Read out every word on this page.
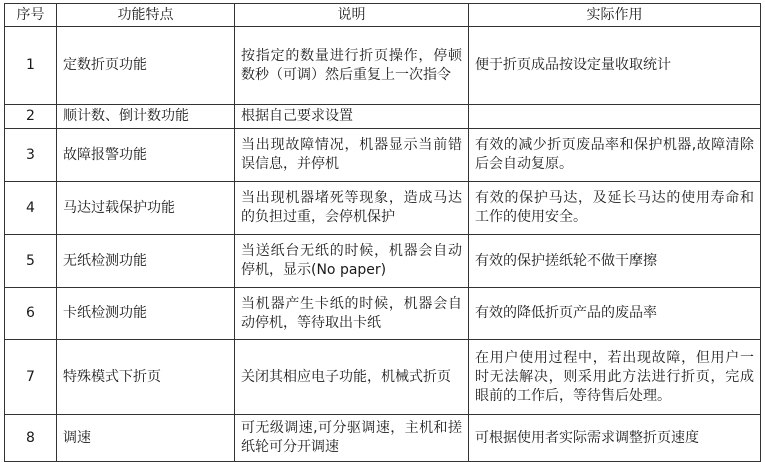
序号	功能特点	说明	实际作用
1	定数折页功能	按指定的数量进行折页操作，停顿数秒（可调）然后重复上一次指令	便于折页成品按设定量收取统计
2	顺计数、倒计数功能	根据自己要求设置	
3	故障报警功能	当出现故障情况，机器显示当前错误信息，并停机	有效的减少折页废品率和保护机器,故障清除后会自动复原。
4	马达过载保护功能	当出现机器堵死等现象，造成马达的负担过重，会停机保护	有效的保护马达，及延长马达的使用寿命和工作的使用安全。
5	无纸检测功能	当送纸台无纸的时候，机器会自动停机，显示(No paper)	有效的保护搓纸轮不做干摩擦
6	卡纸检测功能	当机器产生卡纸的时候，机器会自动停机，等待取出卡纸	有效的降低折页产品的废品率
7	特殊模式下折页	关闭其相应电子功能，机械式折页	在用户使用过程中，若出现故障，但用户一时无法解决，则采用此方法进行折页，完成眼前的工作后，等待售后处理。
8	调速	可无级调速,可分驱调速，主机和搓纸轮可分开调速	可根据使用者实际需求调整折页速度
